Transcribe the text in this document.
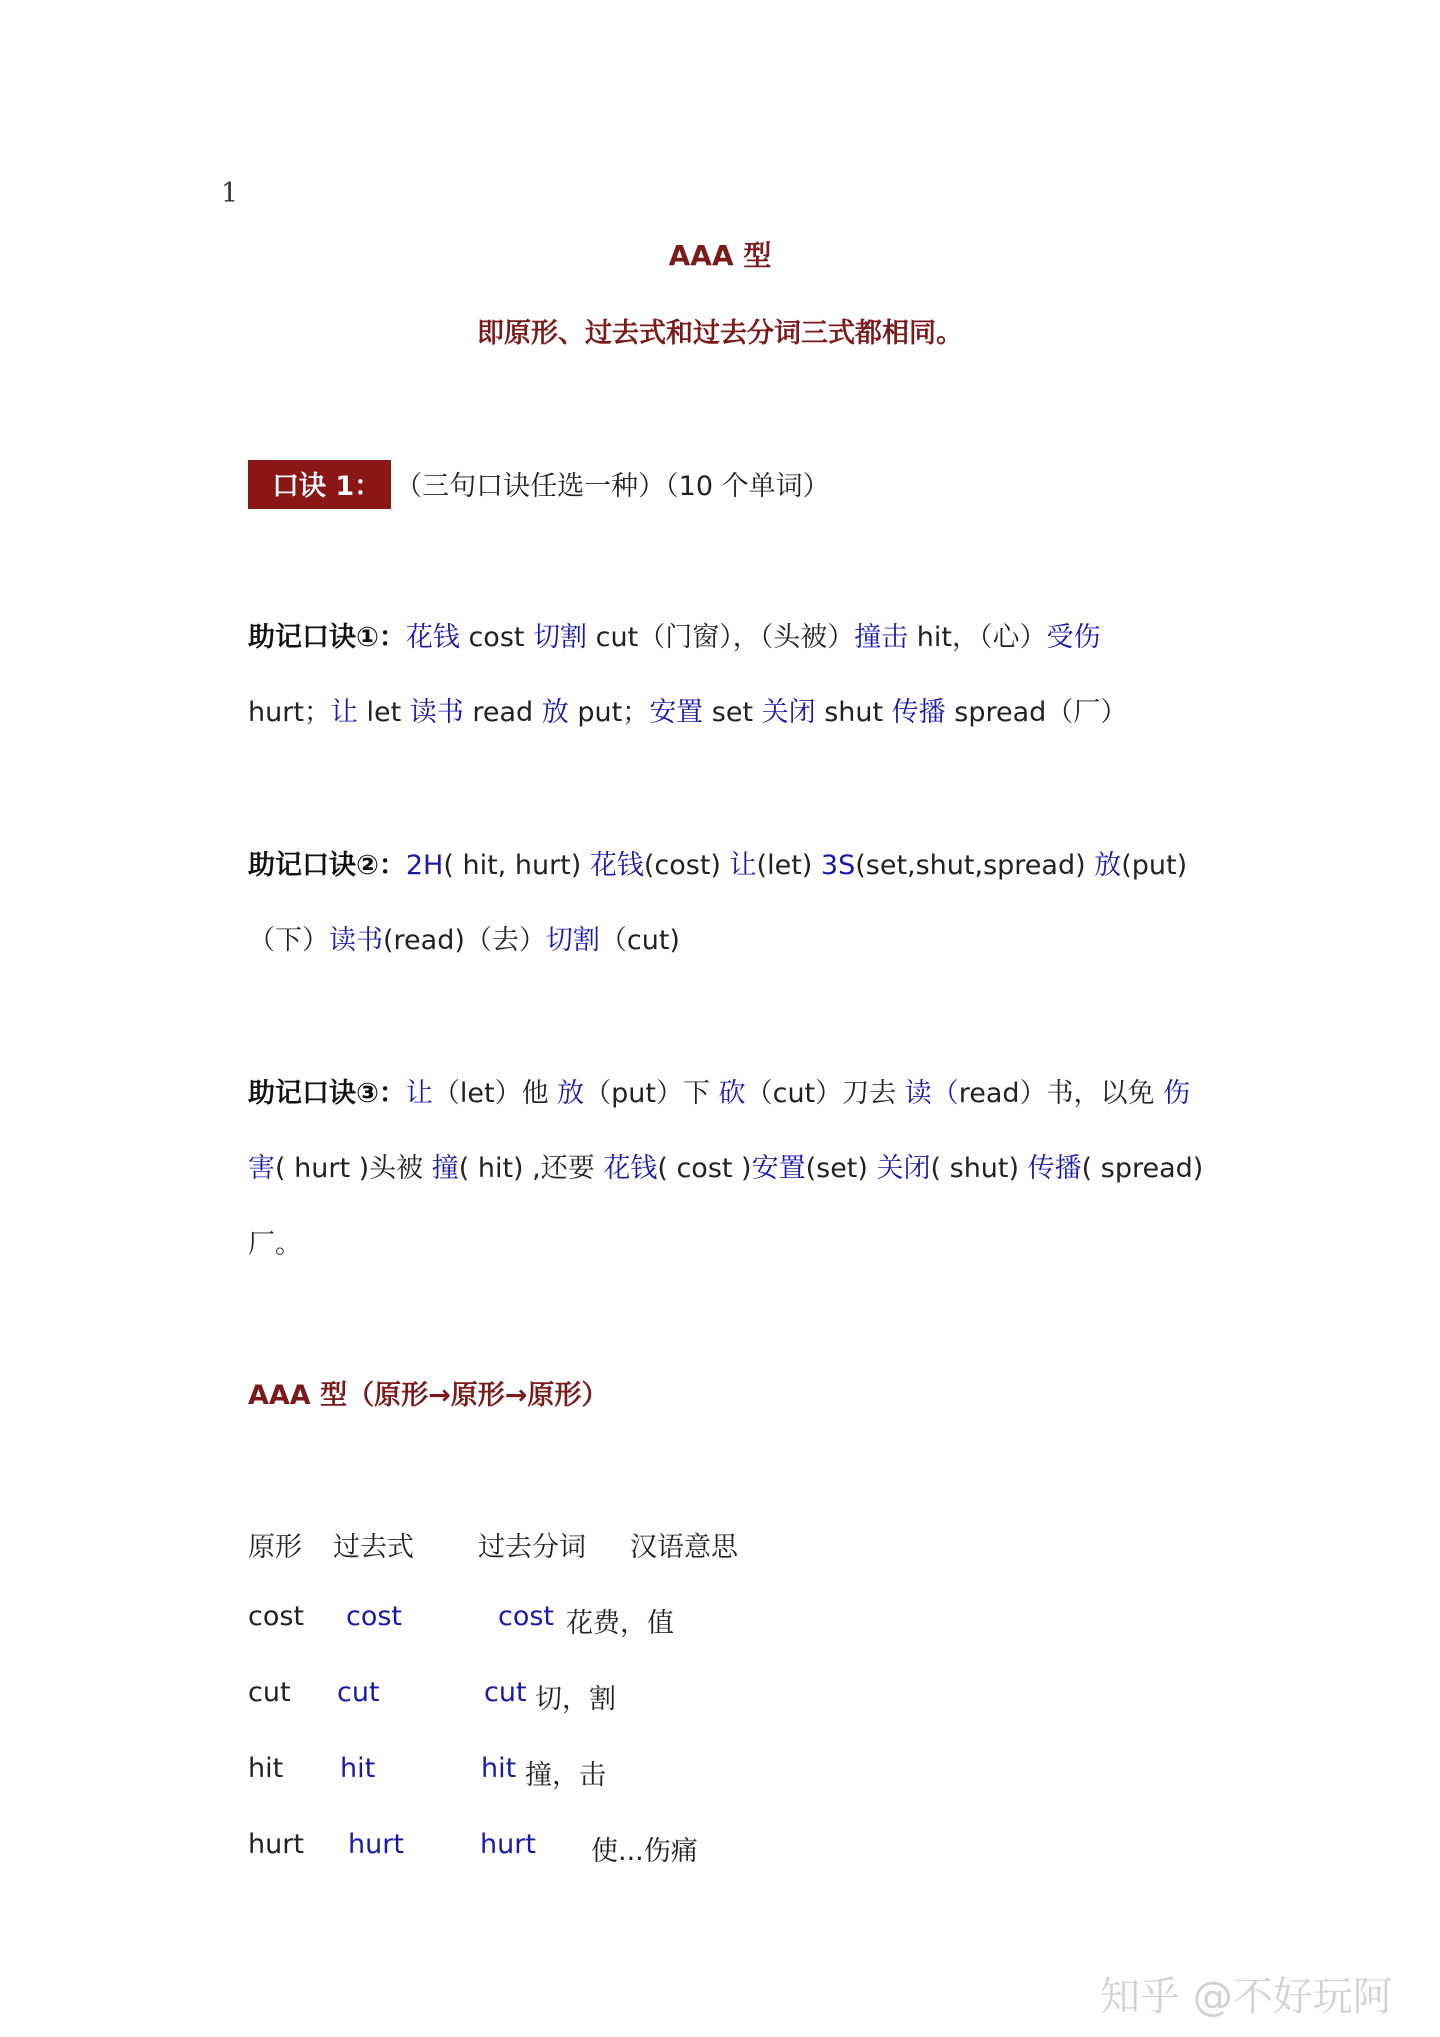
1
AAA 型
即原形、过去式和过去分词三式都相同。
口诀 1： （三句口诀任选一种）（10 个单词）
助记口诀①：花钱 cost 切割 cut（门窗），（头被）撞击 hit，（心）受伤
hurt；让 let 读书 read 放 put；安置 set 关闭 shut 传播 spread（厂）
助记口诀②：2H( hit, hurt) 花钱(cost) 让(let) 3S(set,shut,spread) 放(put)
（下）读书(read)（去）切割（cut)
助记口诀③：让（let）他 放（put）下 砍（cut）刀去 读（read）书，以免 伤
害( hurt )头被 撞( hit) ,还要 花钱( cost )安置(set) 关闭( shut) 传播( spread)
厂。
AAA 型（原形→原形→原形）
原形 过去式 过去分词 汉语意思
cost cost	cost 花费，值
cut cut	cut 切，割
hit hit	hit 撞，击
hurt hurt	hurt 使...伤痛
知乎 @不好玩阿
